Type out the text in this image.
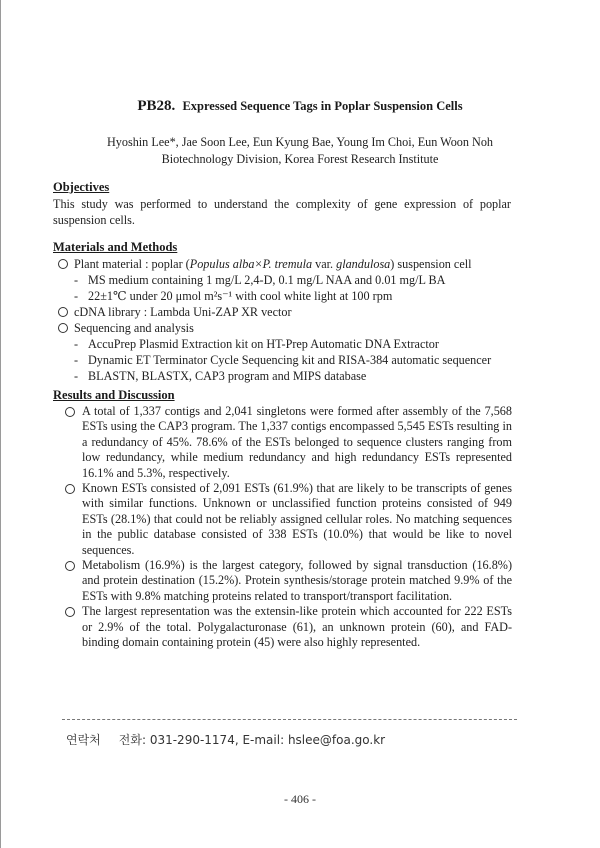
PB28. Expressed Sequence Tags in Poplar Suspension Cells
Hyoshin Lee*, Jae Soon Lee, Eun Kyung Bae, Young Im Choi, Eun Woon Noh
Biotechnology Division, Korea Forest Research Institute
Objectives
This study was performed to understand the complexity of gene expression of poplar suspension cells.
Materials and Methods
Plant material : poplar (Populus alba×P. tremula var. glandulosa) suspension cell
- MS medium containing 1 mg/L 2,4-D, 0.1 mg/L NAA and 0.01 mg/L BA
- 22±1℃ under 20 μmol m²s⁻¹ with cool white light at 100 rpm
cDNA library : Lambda Uni-ZAP XR vector
Sequencing and analysis
- AccuPrep Plasmid Extraction kit on HT-Prep Automatic DNA Extractor
- Dynamic ET Terminator Cycle Sequencing kit and RISA-384 automatic sequencer
- BLASTN, BLASTX, CAP3 program and MIPS database
Results and Discussion
A total of 1,337 contigs and 2,041 singletons were formed after assembly of the 7,568 ESTs using the CAP3 program. The 1,337 contigs encompassed 5,545 ESTs resulting in a redundancy of 45%. 78.6% of the ESTs belonged to sequence clusters ranging from low redundancy, while medium redundancy and high redundancy ESTs represented 16.1% and 5.3%, respectively.
Known ESTs consisted of 2,091 ESTs (61.9%) that are likely to be transcripts of genes with similar functions. Unknown or unclassified function proteins consisted of 949 ESTs (28.1%) that could not be reliably assigned cellular roles. No matching sequences in the public database consisted of 338 ESTs (10.0%) that would be like to novel sequences.
Metabolism (16.9%) is the largest category, followed by signal transduction (16.8%) and protein destination (15.2%). Protein synthesis/storage protein matched 9.9% of the ESTs with 9.8% matching proteins related to transport/transport facilitation.
The largest representation was the extensin-like protein which accounted for 222 ESTs or 2.9% of the total. Polygalacturonase (61), an unknown protein (60), and FAD-binding domain containing protein (45) were also highly represented.
연락처 전화: 031-290-1174, E-mail: hslee@foa.go.kr
- 406 -
